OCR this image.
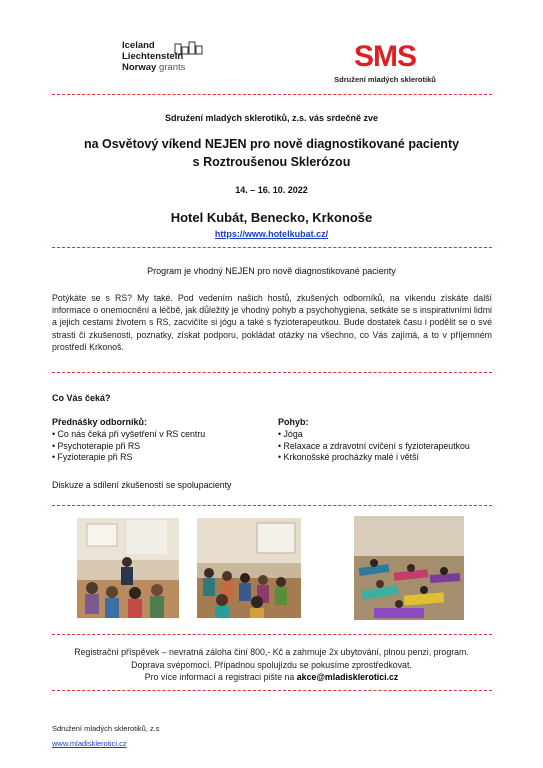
Iceland
Liechtenstein
Norway grants	SMS
Sdružení mladých sklerotiků
Sdružení mladých sklerotiků, z.s. vás srdečně zve
na Osvětový víkend NEJEN pro nově diagnostikované pacienty
s Roztroušenou Sklerózou
14. – 16. 10. 2022
Hotel Kubát, Benecko, Krkonoše
https://www.hotelkubat.cz/
Program je vhodný NEJEN pro nově diagnostikované pacienty
Potýkáte se s RS? My také. Pod vedením našich hostů, zkušených odborníků, na víkendu získáte další informace o onemocnění a léčbě, jak důležitý je vhodný pohyb a psychohygiena, setkáte se s inspirativními lidmi a jejich cestami životem s RS, zacvičíte si jógu a také s fyzioterapeutkou. Bude dostatek času i podělit se o své strasti či zkušenosti, poznatky, získat podporu, pokládat otázky na všechno, co Vás zajímá, a to v příjemném prostředí Krkonoš.
Co Vás čeká?
Přednášky odborníků:
• Co nás čeká při vyšetření v RS centru
• Psychoterapie při RS
• Fyzioterapie při RS
Pohyb:
• Jóga
• Relaxace a zdravotní cvičení s fyzioterapeutkou
• Krkonošské procházky malé i větší
Diskuze a sdílení zkušeností se spolupacienty
Registrační příspěvek – nevratná záloha činí 800,- Kč a zahrnuje 2x ubytování, plnou penzi, program.
Doprava svépomocí. Případnou spolujízdu se pokusíme zprostředkovat.
Pro více informací a registraci pište na akce@mladisklerotici.cz
Sdružení mladých sklerotiků, z.s
www.mladisklerotici.cz
